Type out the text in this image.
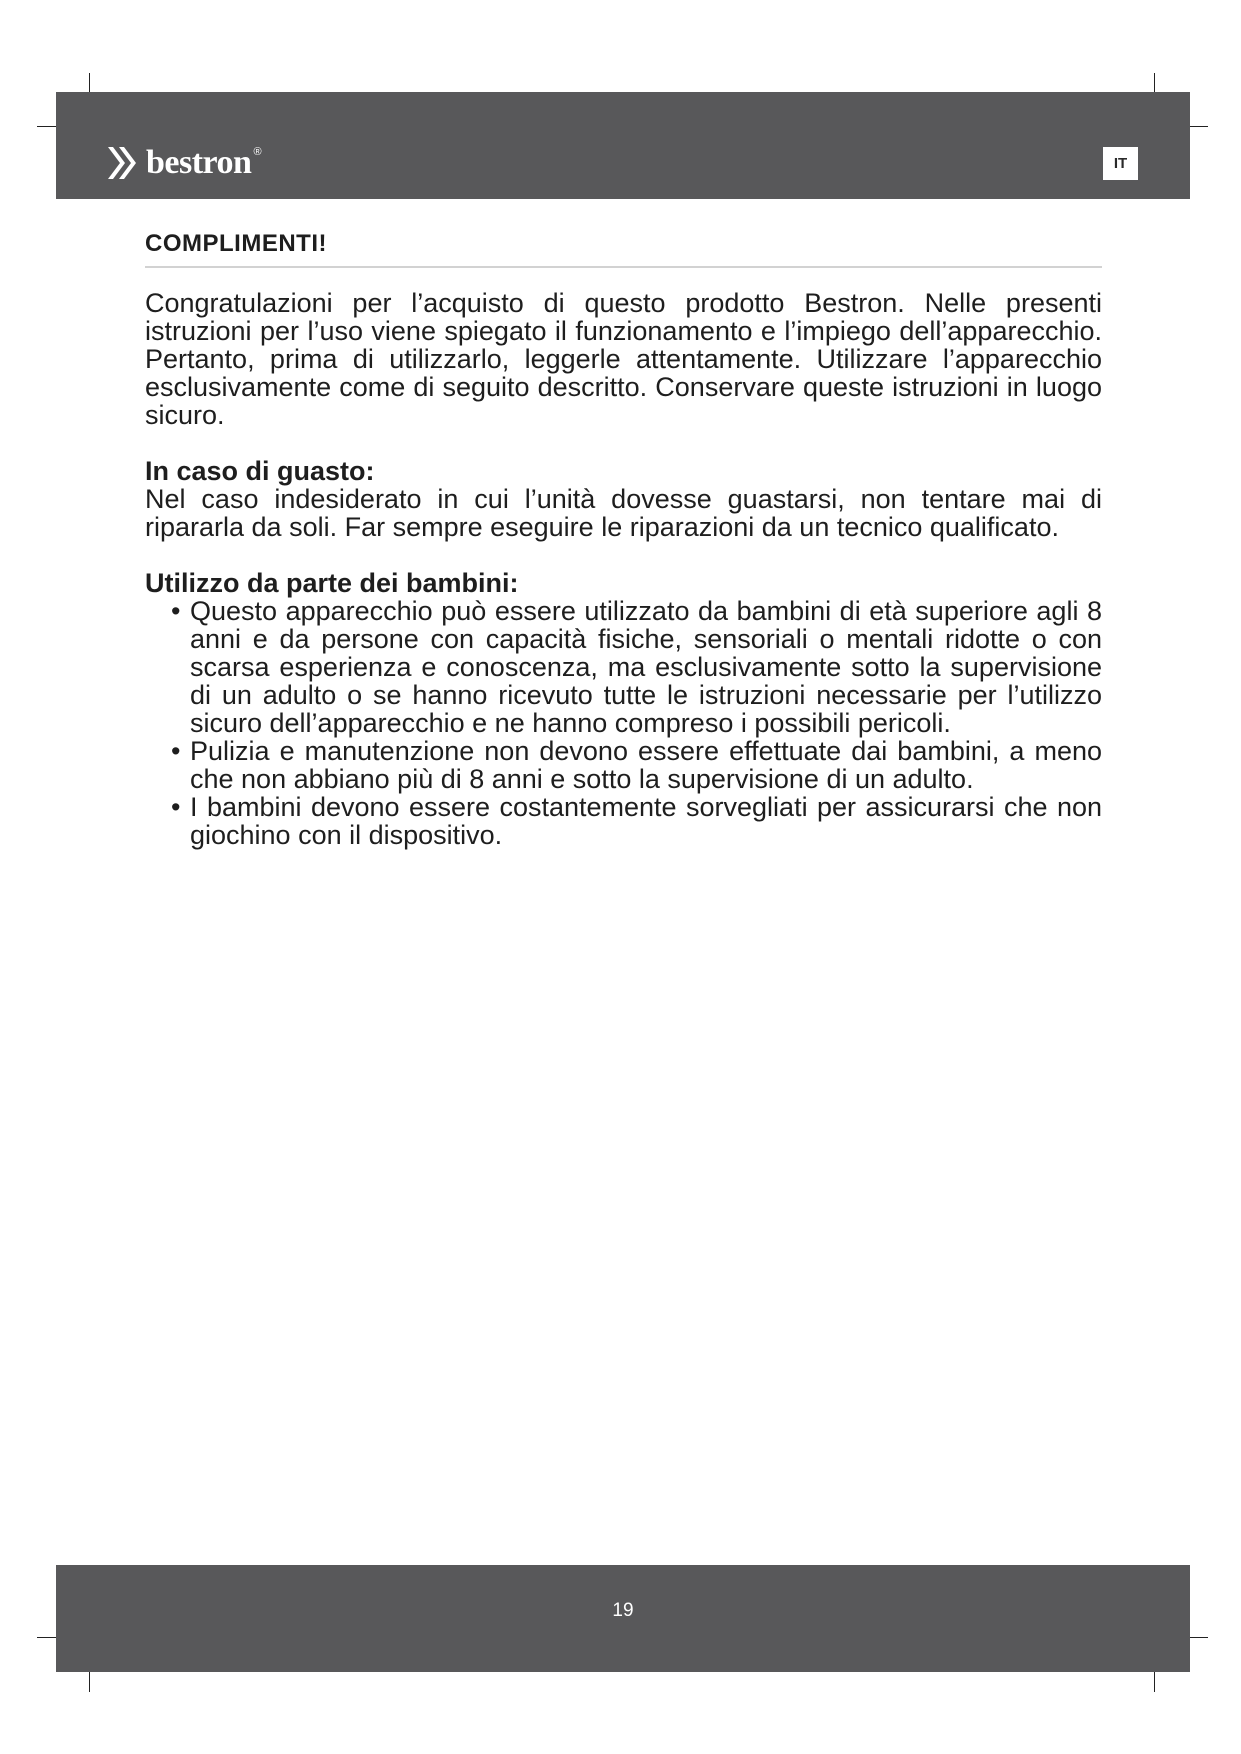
bestron ®
IT
COMPLIMENTI!

Congratulazioni per l’acquisto di questo prodotto Bestron. Nelle presenti istruzioni per l’uso viene spiegato il funzionamento e l’impiego dell’apparecchio. Pertanto, prima di utilizzarlo, leggerle attentamente. Utilizzare l’apparecchio esclusivamente come di seguito descritto. Conservare queste istruzioni in luogo sicuro.

In caso di guasto:

Nel caso indesiderato in cui l’unità dovesse guastarsi, non tentare mai di ripararla da soli. Far sempre eseguire le riparazioni da un tecnico qualificato.

Utilizzo da parte dei bambini:
• Questo apparecchio può essere utilizzato da bambini di età superiore agli 8 anni e da persone con capacità fisiche, sensoriali o mentali ridotte o con scarsa esperienza e conoscenza, ma esclusivamente sotto la supervisione di un adulto o se hanno ricevuto tutte le istruzioni necessarie per l’utilizzo sicuro dell’apparecchio e ne hanno compreso i possibili pericoli.
• Pulizia e manutenzione non devono essere effettuate dai bambini, a meno che non abbiano più di 8 anni e sotto la supervisione di un adulto.
• I bambini devono essere costantemente sorvegliati per assicurarsi che non giochino con il dispositivo.
19
